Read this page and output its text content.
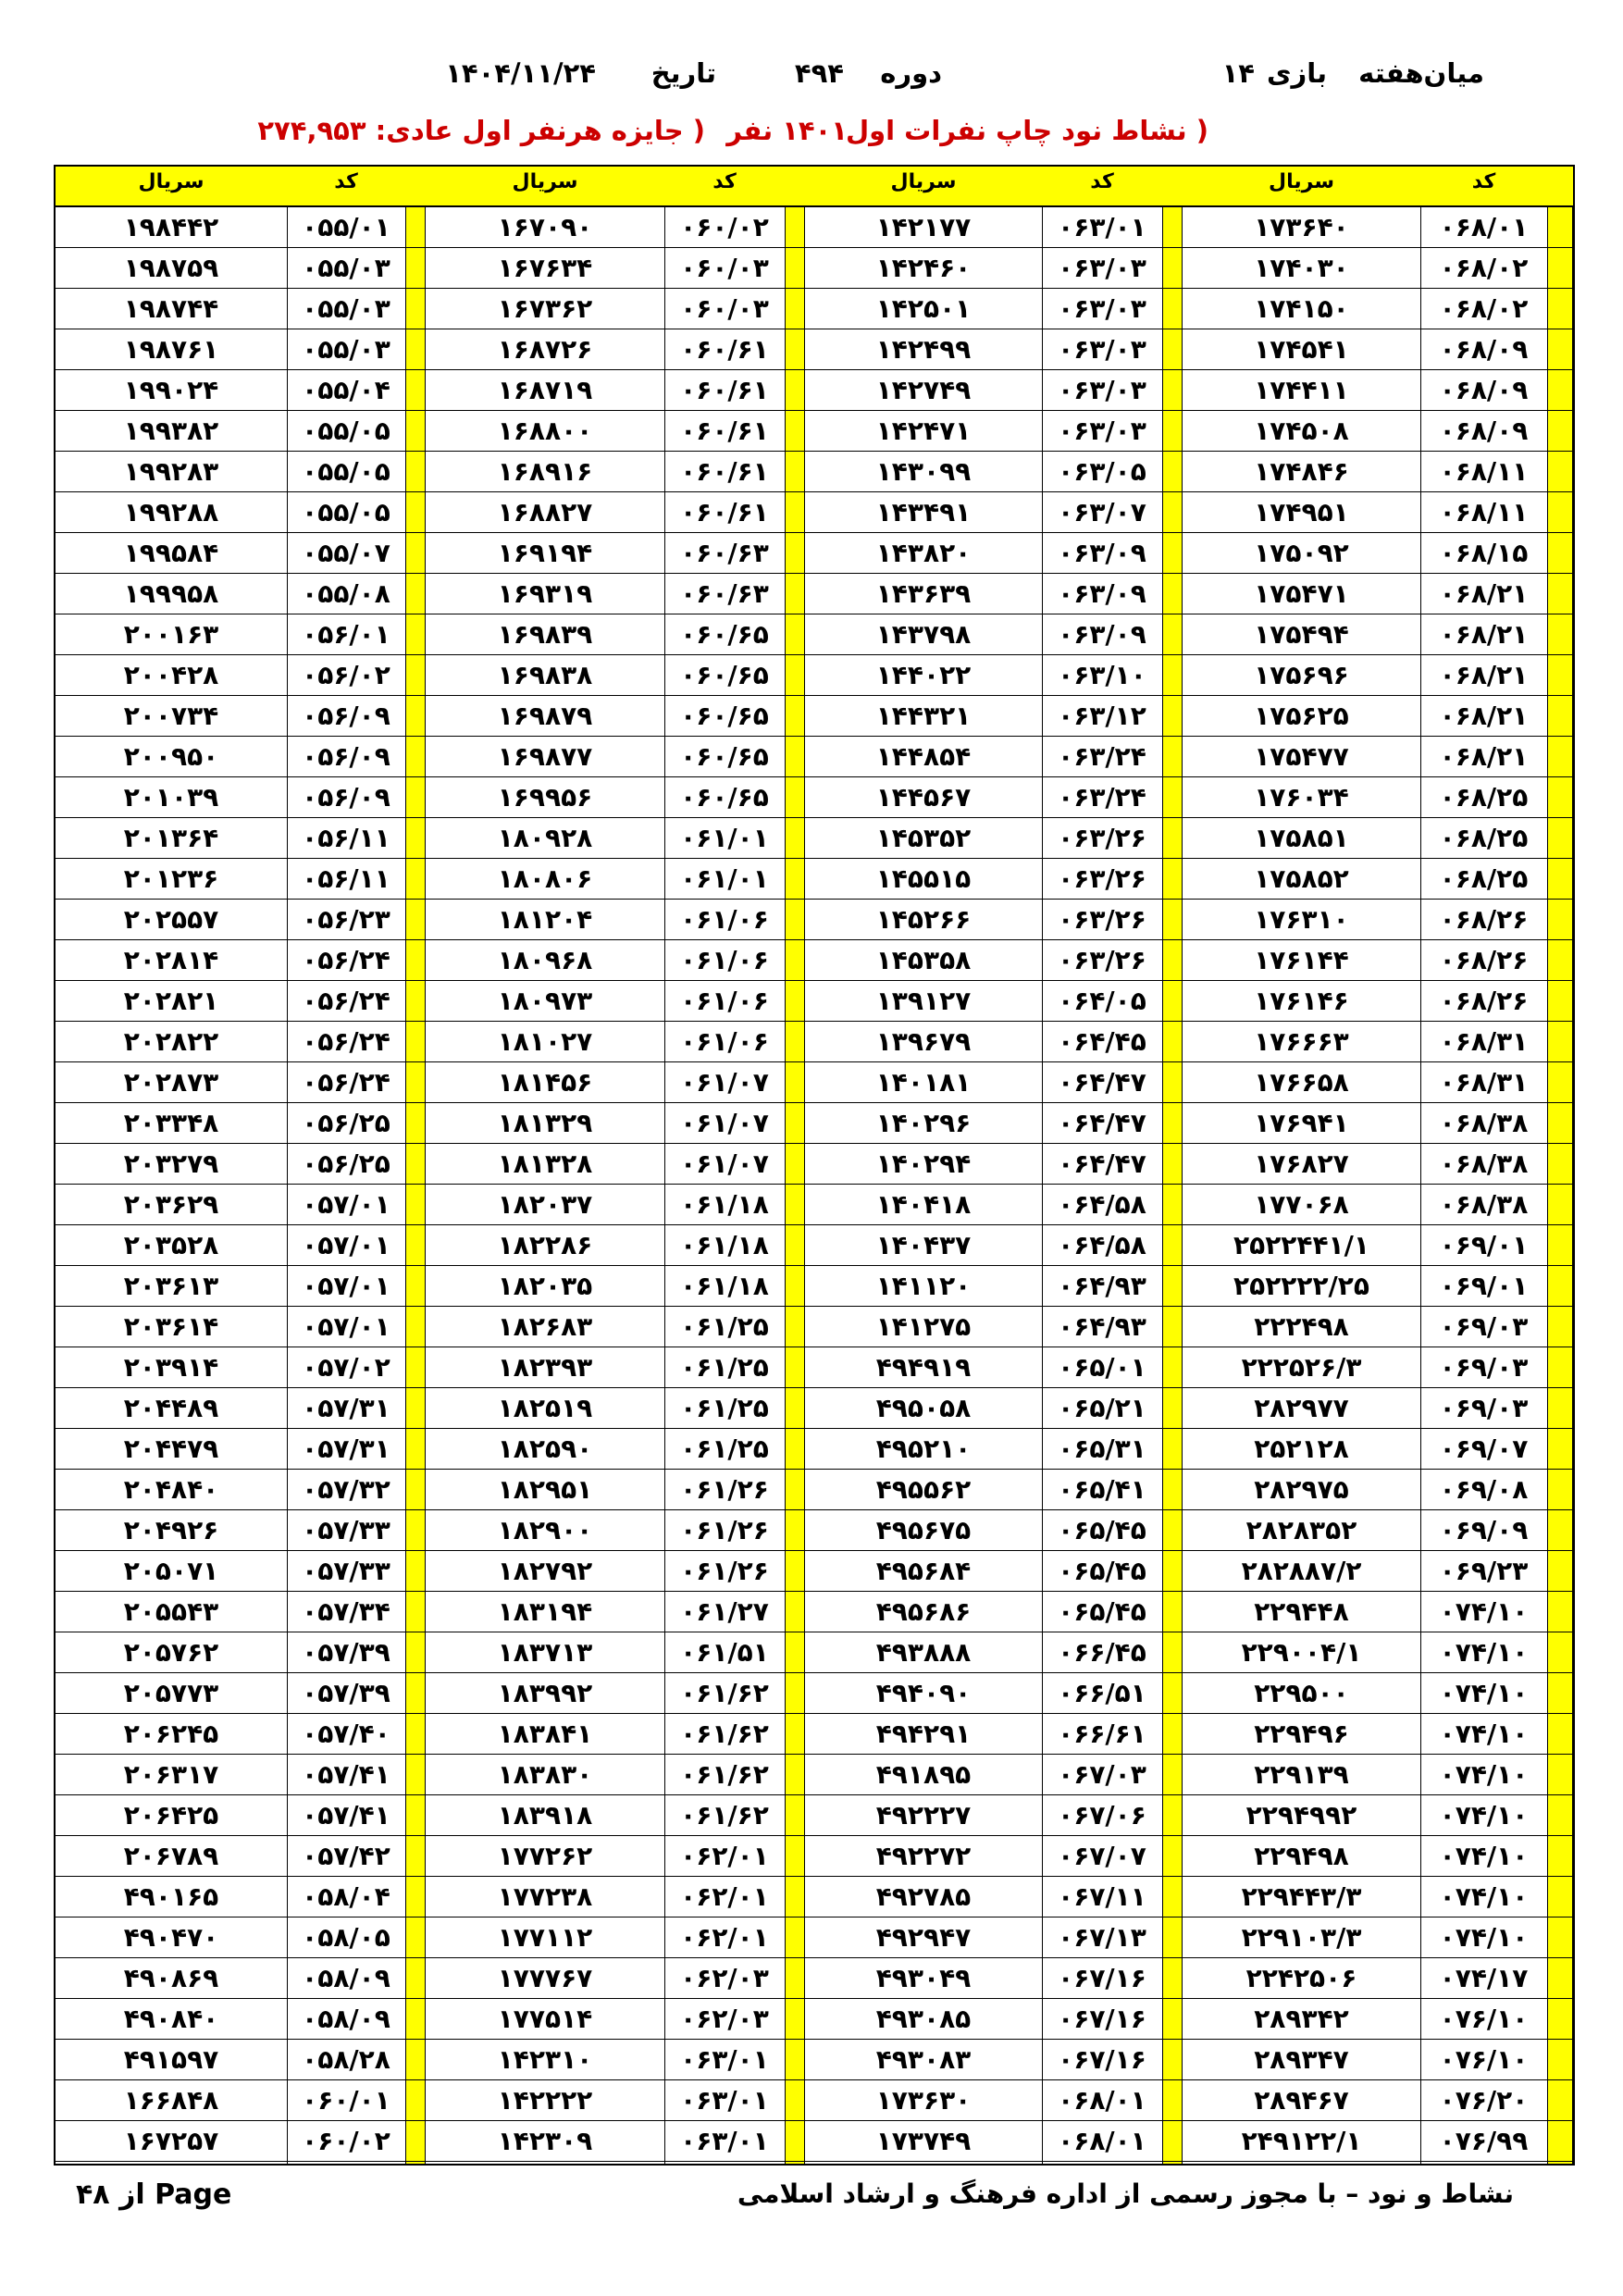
۱۴ بازی میان‌هفته
دوره
۴۹۴
تاریخ
۱۴۰۴/۱۱/۲۴
( نشاط نود چاپ نفرات اول
۱۴۰۱ نفر
( جایزه هرنفر اول عادی: ۲۷۴,۹۵۳
کد
سریال
کد
سریال
کد
سریال
کد
سریال
۰۶۸/۰۱
۱۷۳۶۴۰
۰۶۳/۰۱
۱۴۲۱۷۷
۰۶۰/۰۲
۱۶۷۰۹۰
۰۵۵/۰۱
۱۹۸۴۴۲
۰۶۸/۰۲
۱۷۴۰۳۰
۰۶۳/۰۳
۱۴۲۴۶۰
۰۶۰/۰۳
۱۶۷۶۳۴
۰۵۵/۰۳
۱۹۸۷۵۹
۰۶۸/۰۲
۱۷۴۱۵۰
۰۶۳/۰۳
۱۴۲۵۰۱
۰۶۰/۰۳
۱۶۷۳۶۲
۰۵۵/۰۳
۱۹۸۷۴۴
۰۶۸/۰۹
۱۷۴۵۴۱
۰۶۳/۰۳
۱۴۲۴۹۹
۰۶۰/۶۱
۱۶۸۷۲۶
۰۵۵/۰۳
۱۹۸۷۶۱
۰۶۸/۰۹
۱۷۴۴۱۱
۰۶۳/۰۳
۱۴۲۷۴۹
۰۶۰/۶۱
۱۶۸۷۱۹
۰۵۵/۰۴
۱۹۹۰۲۴
۰۶۸/۰۹
۱۷۴۵۰۸
۰۶۳/۰۳
۱۴۲۴۷۱
۰۶۰/۶۱
۱۶۸۸۰۰
۰۵۵/۰۵
۱۹۹۳۸۲
۰۶۸/۱۱
۱۷۴۸۴۶
۰۶۳/۰۵
۱۴۳۰۹۹
۰۶۰/۶۱
۱۶۸۹۱۶
۰۵۵/۰۵
۱۹۹۲۸۳
۰۶۸/۱۱
۱۷۴۹۵۱
۰۶۳/۰۷
۱۴۳۴۹۱
۰۶۰/۶۱
۱۶۸۸۲۷
۰۵۵/۰۵
۱۹۹۲۸۸
۰۶۸/۱۵
۱۷۵۰۹۲
۰۶۳/۰۹
۱۴۳۸۲۰
۰۶۰/۶۳
۱۶۹۱۹۴
۰۵۵/۰۷
۱۹۹۵۸۴
۰۶۸/۲۱
۱۷۵۴۷۱
۰۶۳/۰۹
۱۴۳۶۳۹
۰۶۰/۶۳
۱۶۹۳۱۹
۰۵۵/۰۸
۱۹۹۹۵۸
۰۶۸/۲۱
۱۷۵۴۹۴
۰۶۳/۰۹
۱۴۳۷۹۸
۰۶۰/۶۵
۱۶۹۸۳۹
۰۵۶/۰۱
۲۰۰۱۶۳
۰۶۸/۲۱
۱۷۵۶۹۶
۰۶۳/۱۰
۱۴۴۰۲۲
۰۶۰/۶۵
۱۶۹۸۳۸
۰۵۶/۰۲
۲۰۰۴۲۸
۰۶۸/۲۱
۱۷۵۶۲۵
۰۶۳/۱۲
۱۴۴۳۲۱
۰۶۰/۶۵
۱۶۹۸۷۹
۰۵۶/۰۹
۲۰۰۷۳۴
۰۶۸/۲۱
۱۷۵۴۷۷
۰۶۳/۲۴
۱۴۴۸۵۴
۰۶۰/۶۵
۱۶۹۸۷۷
۰۵۶/۰۹
۲۰۰۹۵۰
۰۶۸/۲۵
۱۷۶۰۳۴
۰۶۳/۲۴
۱۴۴۵۶۷
۰۶۰/۶۵
۱۶۹۹۵۶
۰۵۶/۰۹
۲۰۱۰۳۹
۰۶۸/۲۵
۱۷۵۸۵۱
۰۶۳/۲۶
۱۴۵۳۵۲
۰۶۱/۰۱
۱۸۰۹۲۸
۰۵۶/۱۱
۲۰۱۳۶۴
۰۶۸/۲۵
۱۷۵۸۵۲
۰۶۳/۲۶
۱۴۵۵۱۵
۰۶۱/۰۱
۱۸۰۸۰۶
۰۵۶/۱۱
۲۰۱۲۳۶
۰۶۸/۲۶
۱۷۶۳۱۰
۰۶۳/۲۶
۱۴۵۲۶۶
۰۶۱/۰۶
۱۸۱۲۰۴
۰۵۶/۲۳
۲۰۲۵۵۷
۰۶۸/۲۶
۱۷۶۱۴۴
۰۶۳/۲۶
۱۴۵۳۵۸
۰۶۱/۰۶
۱۸۰۹۶۸
۰۵۶/۲۴
۲۰۲۸۱۴
۰۶۸/۲۶
۱۷۶۱۴۶
۰۶۴/۰۵
۱۳۹۱۲۷
۰۶۱/۰۶
۱۸۰۹۷۳
۰۵۶/۲۴
۲۰۲۸۲۱
۰۶۸/۳۱
۱۷۶۶۶۳
۰۶۴/۴۵
۱۳۹۶۷۹
۰۶۱/۰۶
۱۸۱۰۲۷
۰۵۶/۲۴
۲۰۲۸۲۲
۰۶۸/۳۱
۱۷۶۶۵۸
۰۶۴/۴۷
۱۴۰۱۸۱
۰۶۱/۰۷
۱۸۱۴۵۶
۰۵۶/۲۴
۲۰۲۸۷۳
۰۶۸/۳۸
۱۷۶۹۴۱
۰۶۴/۴۷
۱۴۰۲۹۶
۰۶۱/۰۷
۱۸۱۳۲۹
۰۵۶/۲۵
۲۰۳۳۴۸
۰۶۸/۳۸
۱۷۶۸۲۷
۰۶۴/۴۷
۱۴۰۲۹۴
۰۶۱/۰۷
۱۸۱۳۲۸
۰۵۶/۲۵
۲۰۳۲۷۹
۰۶۸/۳۸
۱۷۷۰۶۸
۰۶۴/۵۸
۱۴۰۴۱۸
۰۶۱/۱۸
۱۸۲۰۳۷
۰۵۷/۰۱
۲۰۳۶۲۹
۰۶۹/۰۱
۲۵۲۲۴۴۱/۱
۰۶۴/۵۸
۱۴۰۴۳۷
۰۶۱/۱۸
۱۸۲۲۸۶
۰۵۷/۰۱
۲۰۳۵۲۸
۰۶۹/۰۱
۲۵۲۲۲۲/۲۵
۰۶۴/۹۳
۱۴۱۱۲۰
۰۶۱/۱۸
۱۸۲۰۳۵
۰۵۷/۰۱
۲۰۳۶۱۳
۰۶۹/۰۳
۲۲۲۴۹۸
۰۶۴/۹۳
۱۴۱۲۷۵
۰۶۱/۲۵
۱۸۲۶۸۳
۰۵۷/۰۱
۲۰۳۶۱۴
۰۶۹/۰۳
۲۲۲۵۲۶/۳
۰۶۵/۰۱
۴۹۴۹۱۹
۰۶۱/۲۵
۱۸۲۳۹۳
۰۵۷/۰۲
۲۰۳۹۱۴
۰۶۹/۰۳
۲۸۲۹۷۷
۰۶۵/۲۱
۴۹۵۰۵۸
۰۶۱/۲۵
۱۸۲۵۱۹
۰۵۷/۳۱
۲۰۴۴۸۹
۰۶۹/۰۷
۲۵۲۱۲۸
۰۶۵/۳۱
۴۹۵۲۱۰
۰۶۱/۲۵
۱۸۲۵۹۰
۰۵۷/۳۱
۲۰۴۴۷۹
۰۶۹/۰۸
۲۸۲۹۷۵
۰۶۵/۴۱
۴۹۵۵۶۲
۰۶۱/۲۶
۱۸۲۹۵۱
۰۵۷/۳۲
۲۰۴۸۴۰
۰۶۹/۰۹
۲۸۲۸۳۵۲
۰۶۵/۴۵
۴۹۵۶۷۵
۰۶۱/۲۶
۱۸۲۹۰۰
۰۵۷/۳۳
۲۰۴۹۲۶
۰۶۹/۲۳
۲۸۲۸۸۷/۲
۰۶۵/۴۵
۴۹۵۶۸۴
۰۶۱/۲۶
۱۸۲۷۹۲
۰۵۷/۳۳
۲۰۵۰۷۱
۰۷۴/۱۰
۲۲۹۴۴۸
۰۶۵/۴۵
۴۹۵۶۸۶
۰۶۱/۲۷
۱۸۳۱۹۴
۰۵۷/۳۴
۲۰۵۵۴۳
۰۷۴/۱۰
۲۲۹۰۰۴/۱
۰۶۶/۴۵
۴۹۳۸۸۸
۰۶۱/۵۱
۱۸۳۷۱۳
۰۵۷/۳۹
۲۰۵۷۶۲
۰۷۴/۱۰
۲۲۹۵۰۰
۰۶۶/۵۱
۴۹۴۰۹۰
۰۶۱/۶۲
۱۸۳۹۹۲
۰۵۷/۳۹
۲۰۵۷۷۳
۰۷۴/۱۰
۲۲۹۴۹۶
۰۶۶/۶۱
۴۹۴۲۹۱
۰۶۱/۶۲
۱۸۳۸۴۱
۰۵۷/۴۰
۲۰۶۲۴۵
۰۷۴/۱۰
۲۲۹۱۳۹
۰۶۷/۰۳
۴۹۱۸۹۵
۰۶۱/۶۲
۱۸۳۸۳۰
۰۵۷/۴۱
۲۰۶۳۱۷
۰۷۴/۱۰
۲۲۹۴۹۹۲
۰۶۷/۰۶
۴۹۲۲۲۷
۰۶۱/۶۲
۱۸۳۹۱۸
۰۵۷/۴۱
۲۰۶۴۲۵
۰۷۴/۱۰
۲۲۹۴۹۸
۰۶۷/۰۷
۴۹۲۲۷۲
۰۶۲/۰۱
۱۷۷۲۶۲
۰۵۷/۴۲
۲۰۶۷۸۹
۰۷۴/۱۰
۲۲۹۴۴۳/۳
۰۶۷/۱۱
۴۹۲۷۸۵
۰۶۲/۰۱
۱۷۷۲۳۸
۰۵۸/۰۴
۴۹۰۱۶۵
۰۷۴/۱۰
۲۲۹۱۰۳/۳
۰۶۷/۱۳
۴۹۲۹۴۷
۰۶۲/۰۱
۱۷۷۱۱۲
۰۵۸/۰۵
۴۹۰۴۷۰
۰۷۴/۱۷
۲۲۴۲۵۰۶
۰۶۷/۱۶
۴۹۳۰۴۹
۰۶۲/۰۳
۱۷۷۷۶۷
۰۵۸/۰۹
۴۹۰۸۶۹
۰۷۶/۱۰
۲۸۹۳۴۲
۰۶۷/۱۶
۴۹۳۰۸۵
۰۶۲/۰۳
۱۷۷۵۱۴
۰۵۸/۰۹
۴۹۰۸۴۰
۰۷۶/۱۰
۲۸۹۳۴۷
۰۶۷/۱۶
۴۹۳۰۸۳
۰۶۳/۰۱
۱۴۲۳۱۰
۰۵۸/۲۸
۴۹۱۵۹۷
۰۷۶/۲۰
۲۸۹۴۶۷
۰۶۸/۰۱
۱۷۳۶۳۰
۰۶۳/۰۱
۱۴۲۲۲۲
۰۶۰/۰۱
۱۶۶۸۴۸
۰۷۶/۹۹
۲۴۹۱۲۲/۱
۰۶۸/۰۱
۱۷۳۷۴۹
۰۶۳/۰۱
۱۴۲۳۰۹
۰۶۰/۰۲
۱۶۷۲۵۷
نشاط و نود – با مجوز رسمی از اداره فرهنگ و ارشاد اسلامی
از ۴۸ Page
